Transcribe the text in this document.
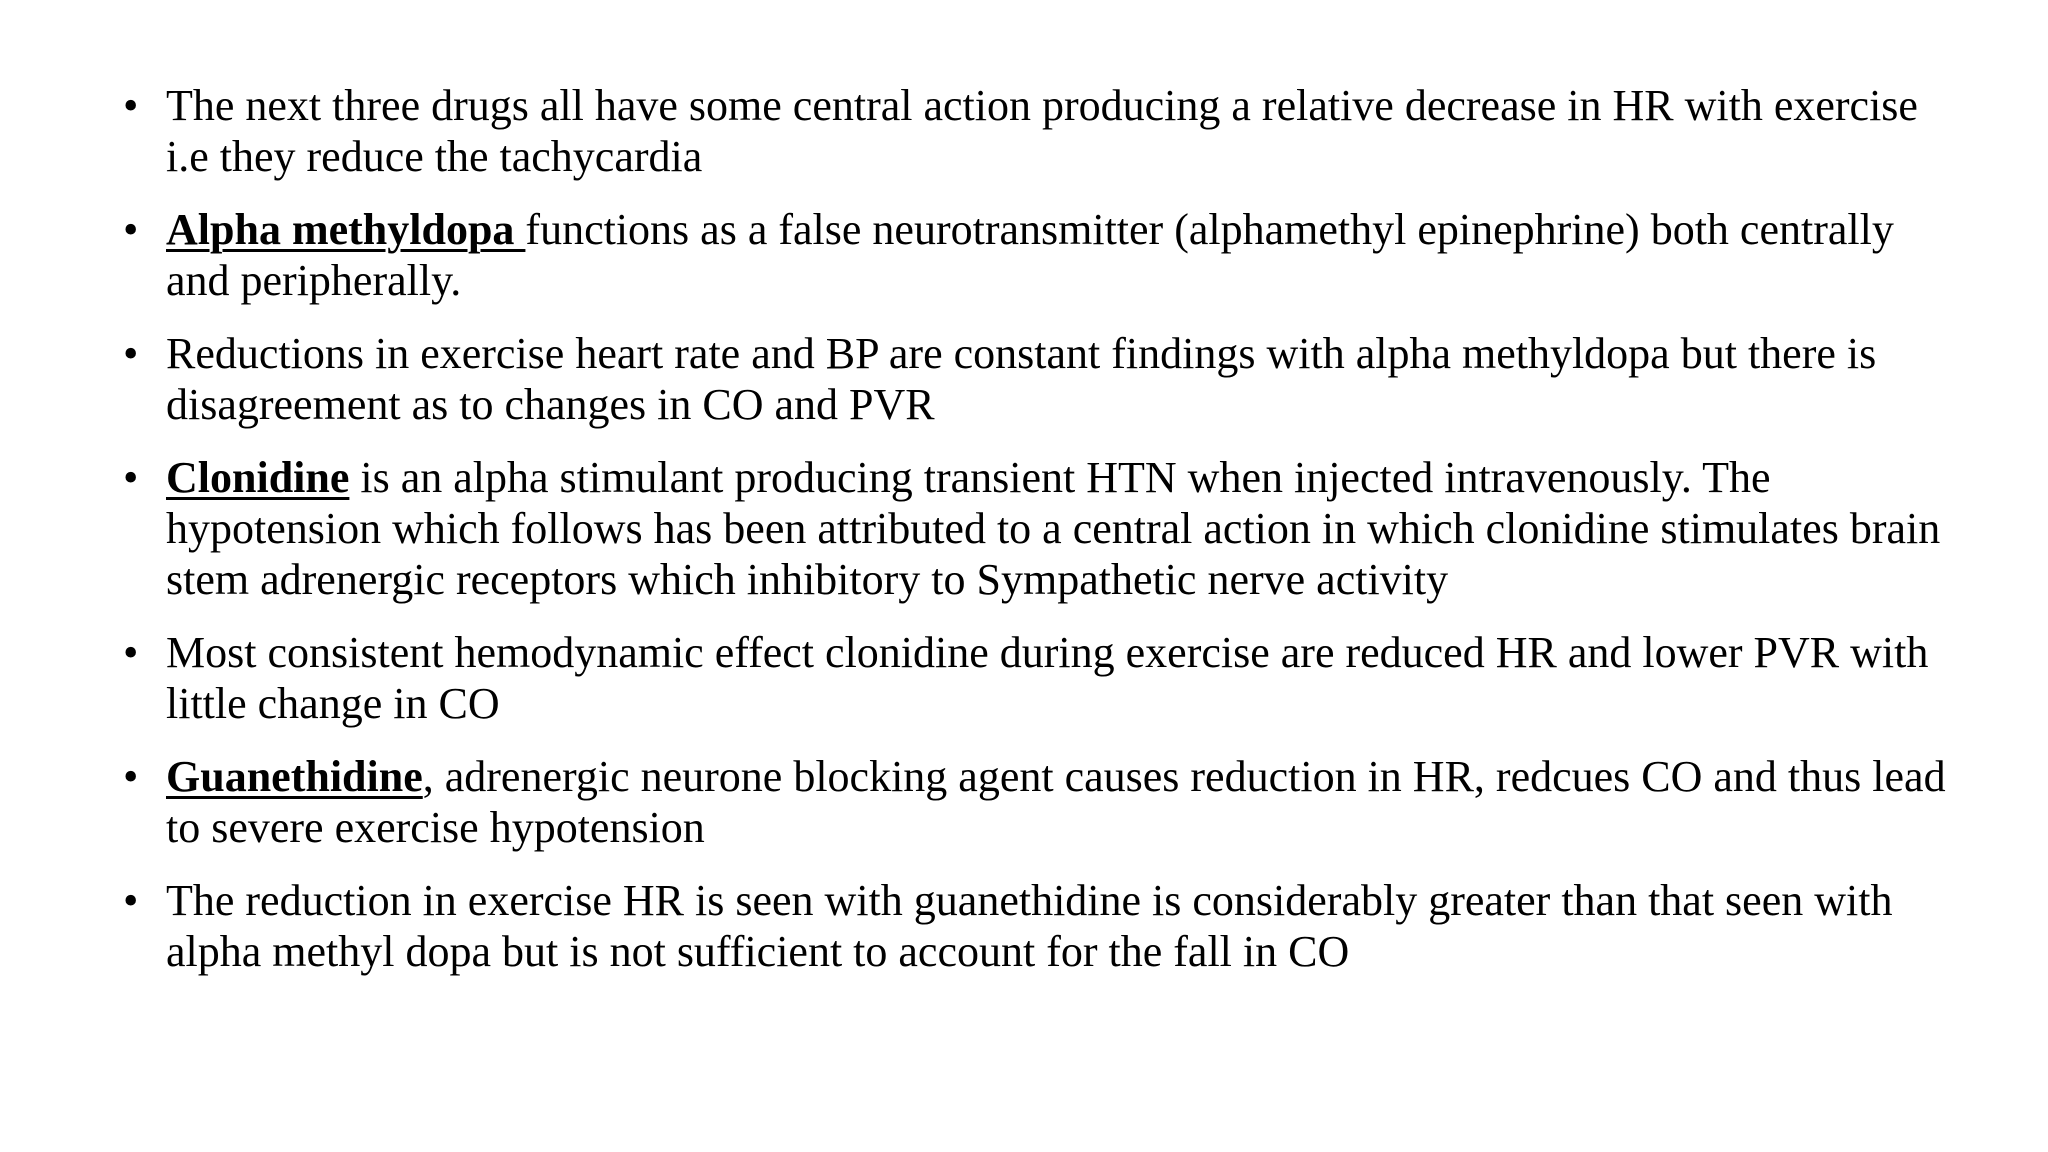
• The next three drugs all have some central action producing a relative decrease in HR with exercise i.e they reduce the tachycardia
• Alpha methyldopa functions as a false neurotransmitter (alphamethyl epinephrine) both centrally and peripherally.
• Reductions in exercise heart rate and BP are constant findings with alpha methyldopa but there is disagreement as to changes in CO and PVR
• Clonidine is an alpha stimulant producing transient HTN when injected intravenously. The hypotension which follows has been attributed to a central action in which clonidine stimulates brain stem adrenergic receptors which inhibitory to Sympathetic nerve activity
• Most consistent hemodynamic effect clonidine during exercise are reduced HR and lower PVR with little change in CO
• Guanethidine, adrenergic neurone blocking agent causes reduction in HR, redcues CO and thus lead to severe exercise hypotension
• The reduction in exercise HR is seen with guanethidine is considerably greater than that seen with alpha methyl dopa but is not sufficient to account for the fall in CO
